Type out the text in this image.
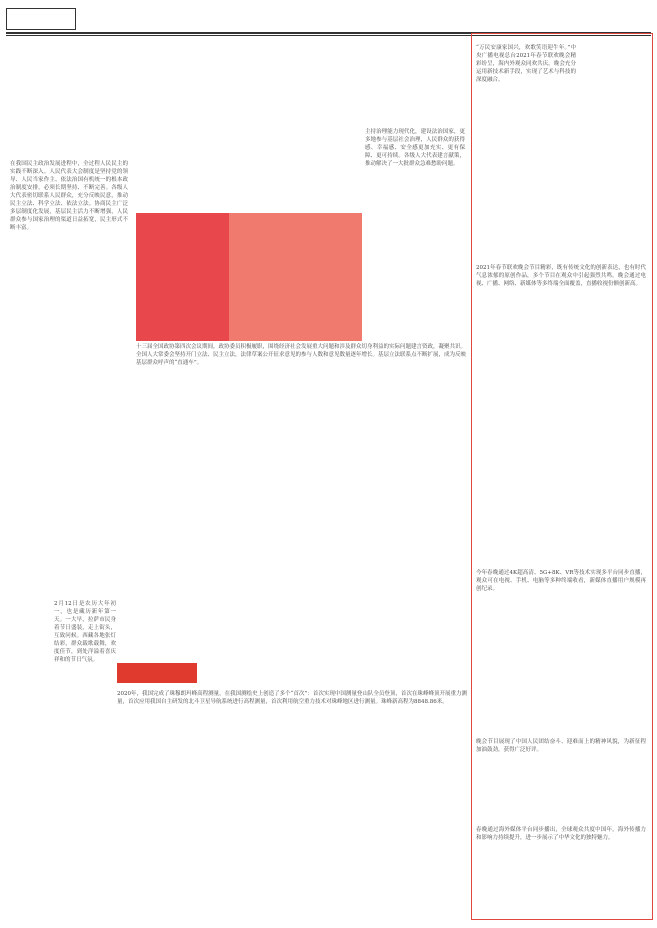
在我国民主政治发展进程中，全过程人民民主的实践不断深入。人民代表大会制度是坚持党的领导、人民当家作主、依法治国有机统一的根本政治制度安排，必须长期坚持、不断完善。各级人大代表密切联系人民群众，充分反映民意，推动民主立法、科学立法、依法立法。协商民主广泛多层制度化发展，基层民主活力不断增强，人民群众参与国家治理的渠道日益拓宽，民主形式不断丰富。
主持治理能力现代化，建设法治国家，更多地参与基层社会治理，人民群众的获得感、幸福感、安全感更加充实、更有保障、更可持续。各级人大代表建言献策，推动解决了一大批群众急难愁盼问题。
十三届全国政协第四次会议期间，政协委员积极履职，围绕经济社会发展重大问题和涉及群众切身利益的实际问题建言资政，凝聚共识。全国人大常委会坚持开门立法、民主立法，法律草案公开征求意见的参与人数和意见数量逐年增长。基层立法联系点不断扩展，成为反映基层群众呼声的“直通车”。
“万民安康家国兴，欢歌笑语迎牛年。”中央广播电视总台2021年春节联欢晚会精彩纷呈，海内外观众同欢共庆。晚会充分运用新技术新手段，实现了艺术与科技的深度融合。
2021年春节联欢晚会节目精彩，既有传统文化的创新表达，也有时代气息浓郁的原创作品，多个节目在观众中引起强烈共鸣。晚会通过电视、广播、网络、新媒体等多终端全面覆盖，直播收视份额创新高。
今年春晚通过4K超高清、5G+8K、VR等技术实现多平台同步直播，观众可在电视、手机、电脑等多种终端收看，新媒体直播用户规模再创纪录。
晚会节目展现了中国人民团结奋斗、迎难而上的精神风貌，为新征程加油鼓劲，获得广泛好评。
春晚通过海外媒体平台同步播出，全球观众共度中国年，海外传播力和影响力持续提升，进一步展示了中华文化的独特魅力。
2月12日是农历大年初一，也是藏历新年第一天。一大早，拉萨市民身着节日盛装，走上街头，互致问候。西藏各地张灯结彩，群众载歌载舞，欢度佳节，到处洋溢着喜庆祥和的节日气氛。
2020年，我国完成了珠穆朗玛峰高程测量，在我国测绘史上创造了多个“首次”：首次实现中国测量登山队全员登顶，首次在珠峰峰顶开展重力测量，首次应用我国自主研发的北斗卫星导航系统进行高程测量，首次利用航空重力技术对珠峰地区进行测量。珠峰新高程为8848.86米。
